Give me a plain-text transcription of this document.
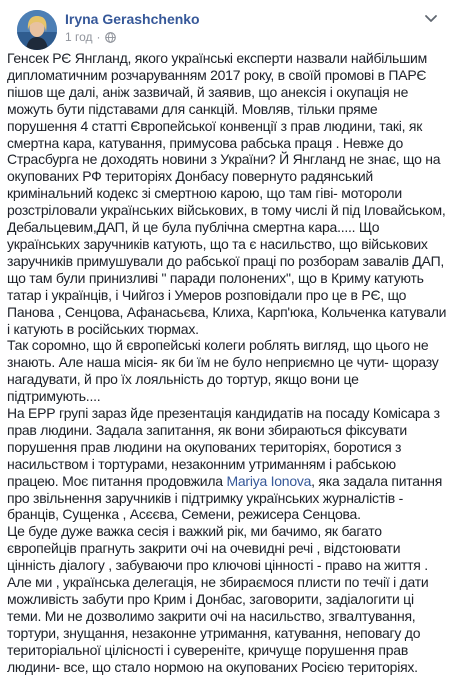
Iryna Gerashchenko
1 год ·

Генсек РЄ Янгланд, якого українські експерти назвали найбільшим дипломатичним розчаруванням 2017 року, в своїй промові в ПАРЄ пішов ще далі, аніж зазвичай, й заявив, що анексія і окупація не можуть бути підставами для санкцій. Мовляв, тільки пряме порушення 4 статті Європейської конвенції з прав людини, такі, як смертна кара, катування, примусова рабська праця . Невже до Страсбурга не доходять новини з України? Й Янгланд не знає, що на окупованих РФ територіях Донбасу повернуто радянський кримінальний кодекс зі смертною карою, що там гіві- моторoли розстріловали українських військових, в тому числі й під Іловайськом, Дебальцевим,ДАП, й це була публічна смертна кара..... Що українських заручників катують, що та є насильство, що військових заручників примушували до рабської праці по розборам завалів ДАП, що там були принизливі " паради полонених", що в Криму катують татар і українців, і Чийгоз і Умеров розповідали про це в РЄ, що Панова , Сенцова, Афанасьєва, Клиха, Карп'юка, Кольченка катували і катують в російських тюрмах.

Так соромно, що й європейські колеги роблять вигляд, що цього не знають. Але наша місія- як би їм не було неприємно це чути- щоразу нагадувати, й про їх лояльність до тортур, якщо вони це підтримують....

На ЕРР групі зараз йде презентація кандидатів на посаду Комісара з прав людини. Задала запитання, як вони збираються фіксувати порушення прав людини на окупованих територіях, боротися з насильством і тортурами, незаконним утриманням і рабською працею. Моє питання продовжила Mariya Ionova, яка задала питання про звільнення заручників і підтримку українських журналістів - бранців, Сущенка , Асєєва, Семени, режисера Сенцова.

Це буде дуже важка сесія і важкий рік, ми бачимо, як багато європейців прагнуть закрити очі на очевидні речі , відстоювати цінність діалогу , забуваючи про ключові цінності - право на життя . Але ми , українська делегація, не збираємося плисти по течії і дати можливість забути про Крим і Донбас, заговорити, задіалогити ці теми. Ми не дозволимо закрити очі на насильство, згвалтування, тортури, знущання, незаконне утримання, катування, неповагу до територіальної цілісності і суверенітe, кричуще порушення прав людини- все, що стало нормою на окупованих Росією територіях.
